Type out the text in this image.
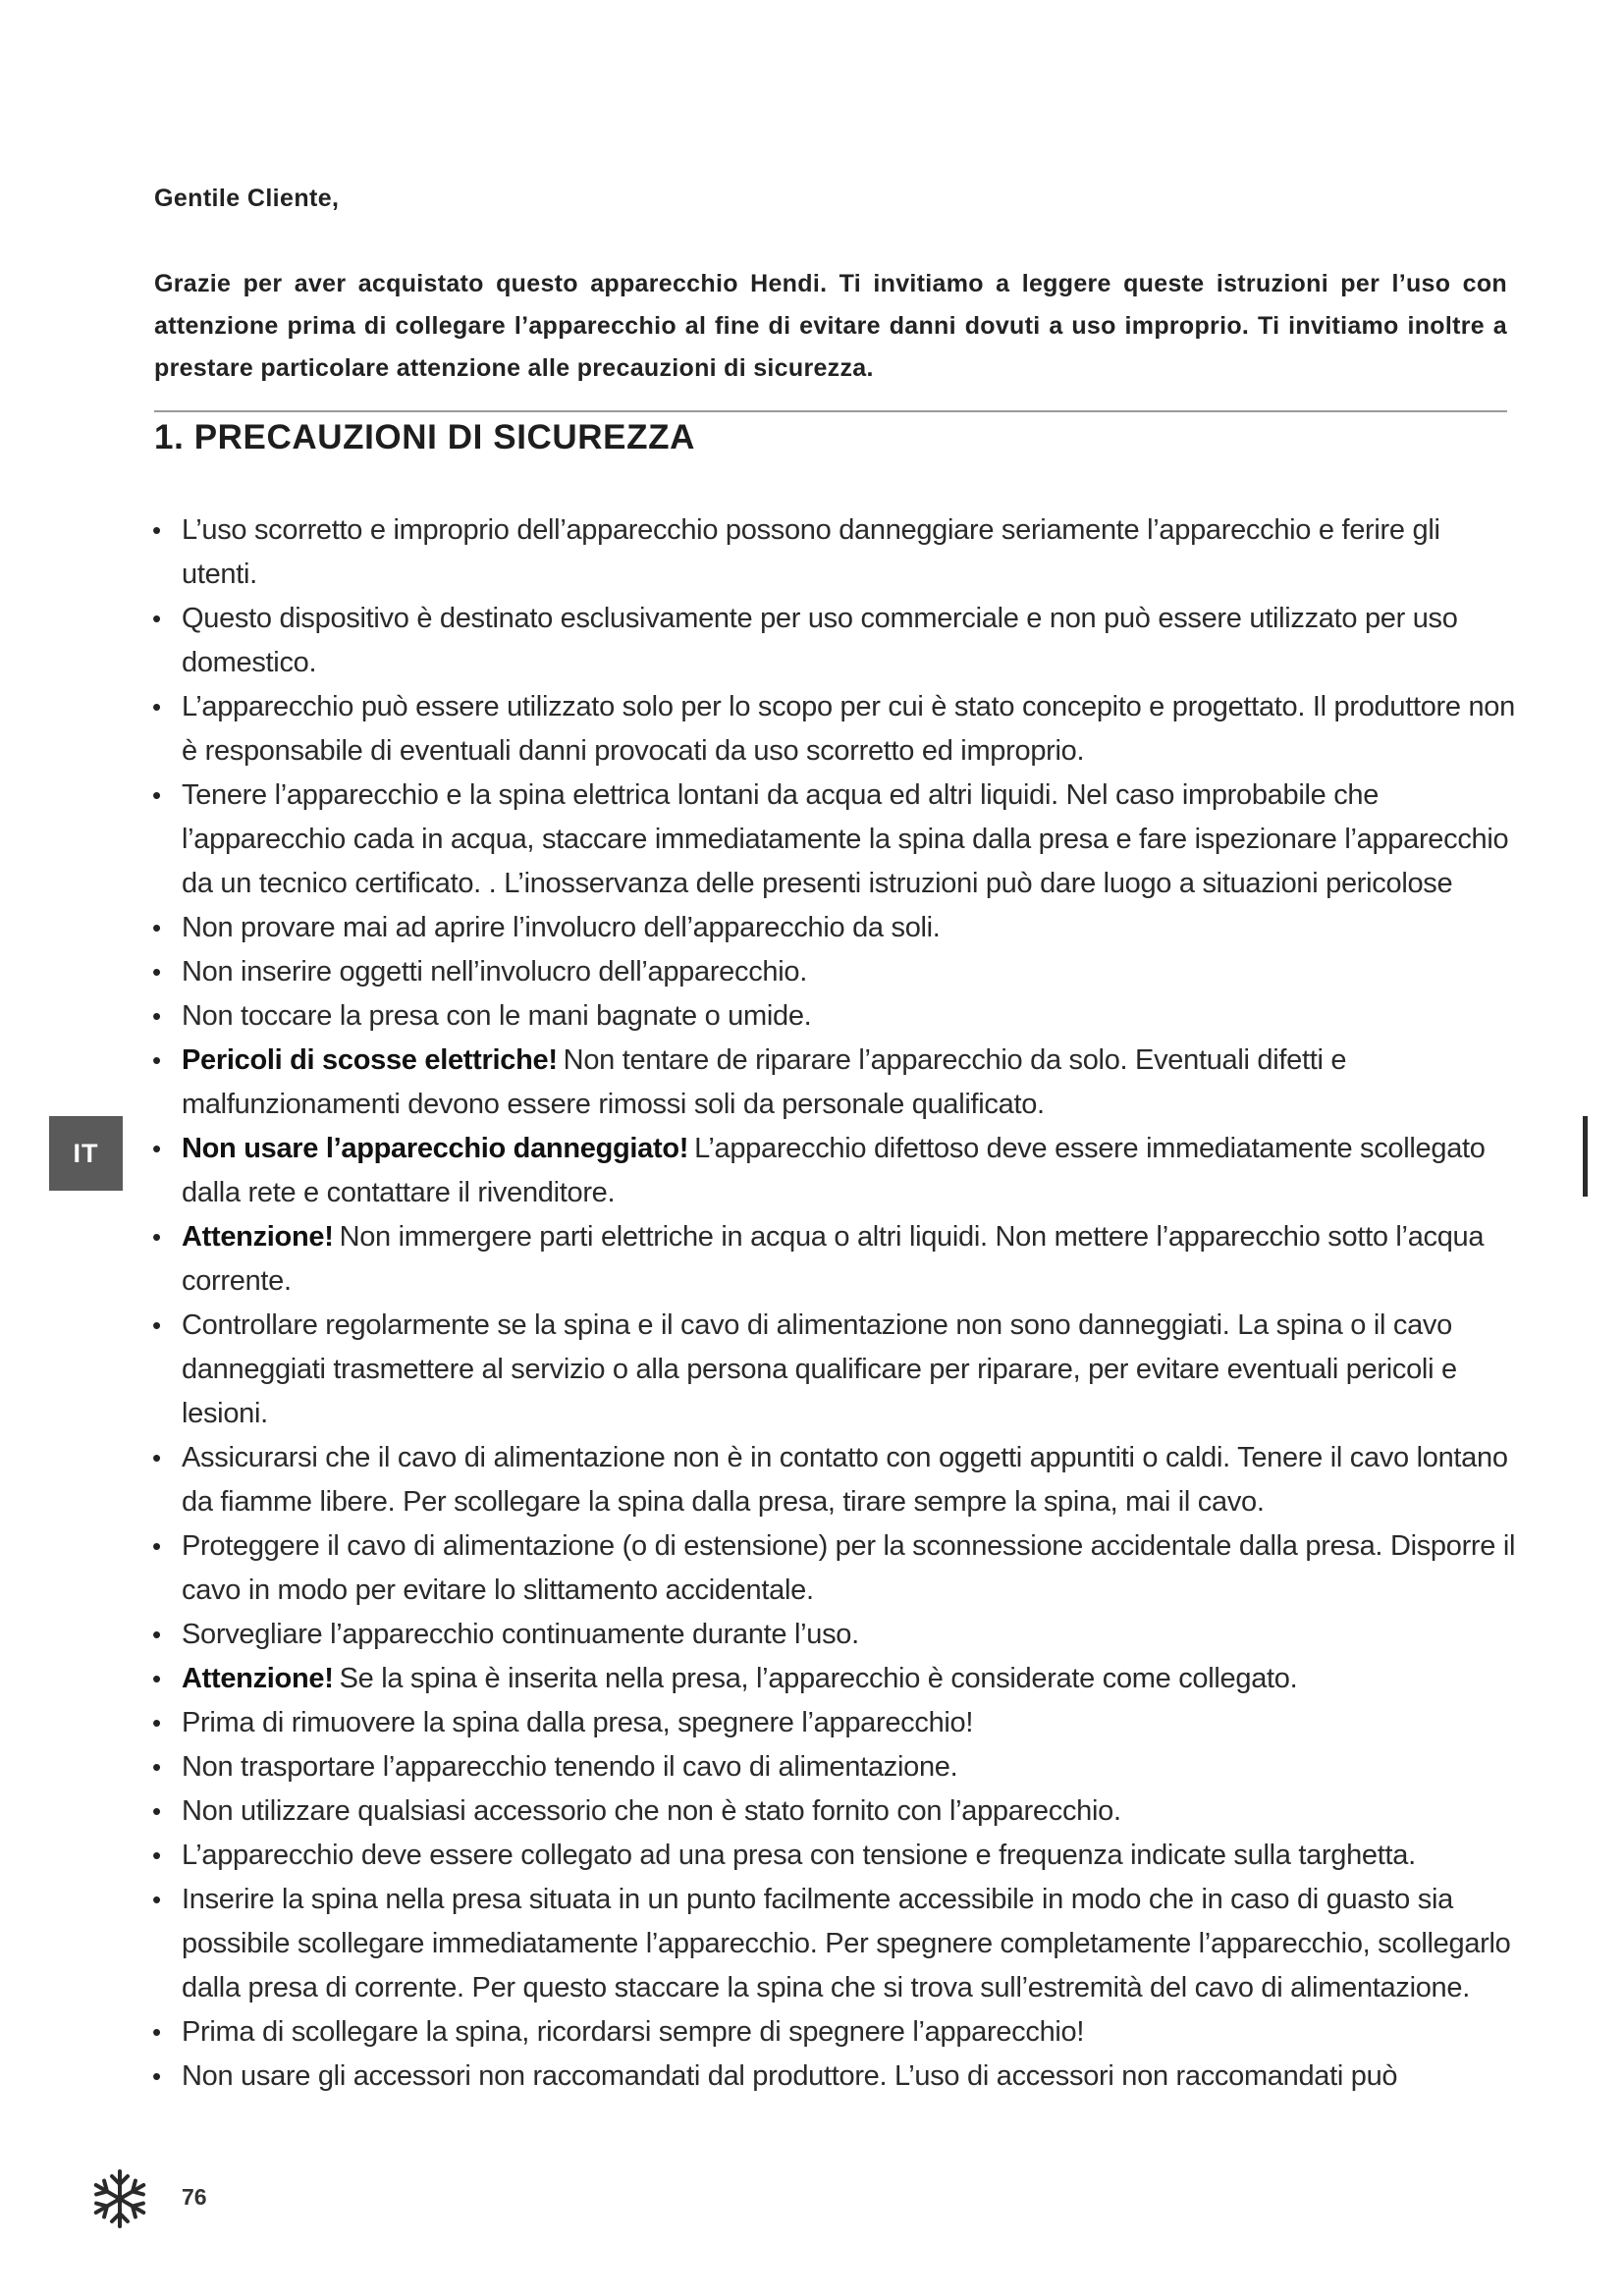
Gentile Cliente,
Grazie per aver acquistato questo apparecchio Hendi. Ti invitiamo a leggere queste istruzioni per l’uso con attenzione prima di collegare l’apparecchio al fine di evitare danni dovuti a uso improprio. Ti invitiamo inoltre a prestare particolare attenzione alle precauzioni di sicurezza.
1. PRECAUZIONI DI SICUREZZA
• L’uso scorretto e improprio dell’apparecchio possono danneggiare seriamente l’apparecchio e ferire gli utenti.
• Questo dispositivo è destinato esclusivamente per uso commerciale e non può essere utilizzato per uso domestico.
• L’apparecchio può essere utilizzato solo per lo scopo per cui è stato concepito e progettato. Il produttore non è responsabile di eventuali danni provocati da uso scorretto ed improprio.
• Tenere l’apparecchio e la spina elettrica lontani da acqua ed altri liquidi. Nel caso improbabile che l’apparecchio cada in acqua, staccare immediatamente la spina dalla presa e fare ispezionare l’apparecchio da un tecnico certificato. . L’inosservanza delle presenti istruzioni può dare luogo a situazioni pericolose
• Non provare mai ad aprire l’involucro dell’apparecchio da soli.
• Non inserire oggetti nell’involucro dell’apparecchio.
• Non toccare la presa con le mani bagnate o umide.
• Pericoli di scosse elettriche! Non tentare de riparare l’apparecchio da solo. Eventuali difetti e malfunzionamenti devono essere rimossi soli da personale qualificato.
• Non usare l’apparecchio danneggiato! L’apparecchio difettoso deve essere immediatamente scollegato dalla rete e contattare il rivenditore.
• Attenzione! Non immergere parti elettriche in acqua o altri liquidi. Non mettere l’apparecchio sotto l’acqua corrente.
• Controllare regolarmente se la spina e il cavo di alimentazione non sono danneggiati. La spina o il cavo danneggiati trasmettere al servizio o alla persona qualificare per riparare, per evitare eventuali pericoli e lesioni.
• Assicurarsi che il cavo di alimentazione non è in contatto con oggetti appuntiti o caldi. Tenere il cavo lontano da fiamme libere. Per scollegare la spina dalla presa, tirare sempre la spina, mai il cavo.
• Proteggere il cavo di alimentazione (o di estensione) per la sconnessione accidentale dalla presa. Disporre il cavo in modo per evitare lo slittamento accidentale.
• Sorvegliare l’apparecchio continuamente durante l’uso.
• Attenzione! Se la spina è inserita nella presa, l’apparecchio è considerate come collegato.
• Prima di rimuovere la spina dalla presa, spegnere l’apparecchio!
• Non trasportare l’apparecchio tenendo il cavo di alimentazione.
• Non utilizzare qualsiasi accessorio che non è stato fornito con l’apparecchio.
• L’apparecchio deve essere collegato ad una presa con tensione e frequenza indicate sulla targhetta.
• Inserire la spina nella presa situata in un punto facilmente accessibile in modo che in caso di guasto sia possibile scollegare immediatamente l’apparecchio. Per spegnere completamente l’apparecchio, scollegarlo dalla presa di corrente. Per questo staccare la spina che si trova sull’estremità del cavo di alimentazione.
• Prima di scollegare la spina, ricordarsi sempre di spegnere l’apparecchio!
• Non usare gli accessori non raccomandati dal produttore. L’uso di accessori non raccomandati può
IT
76
